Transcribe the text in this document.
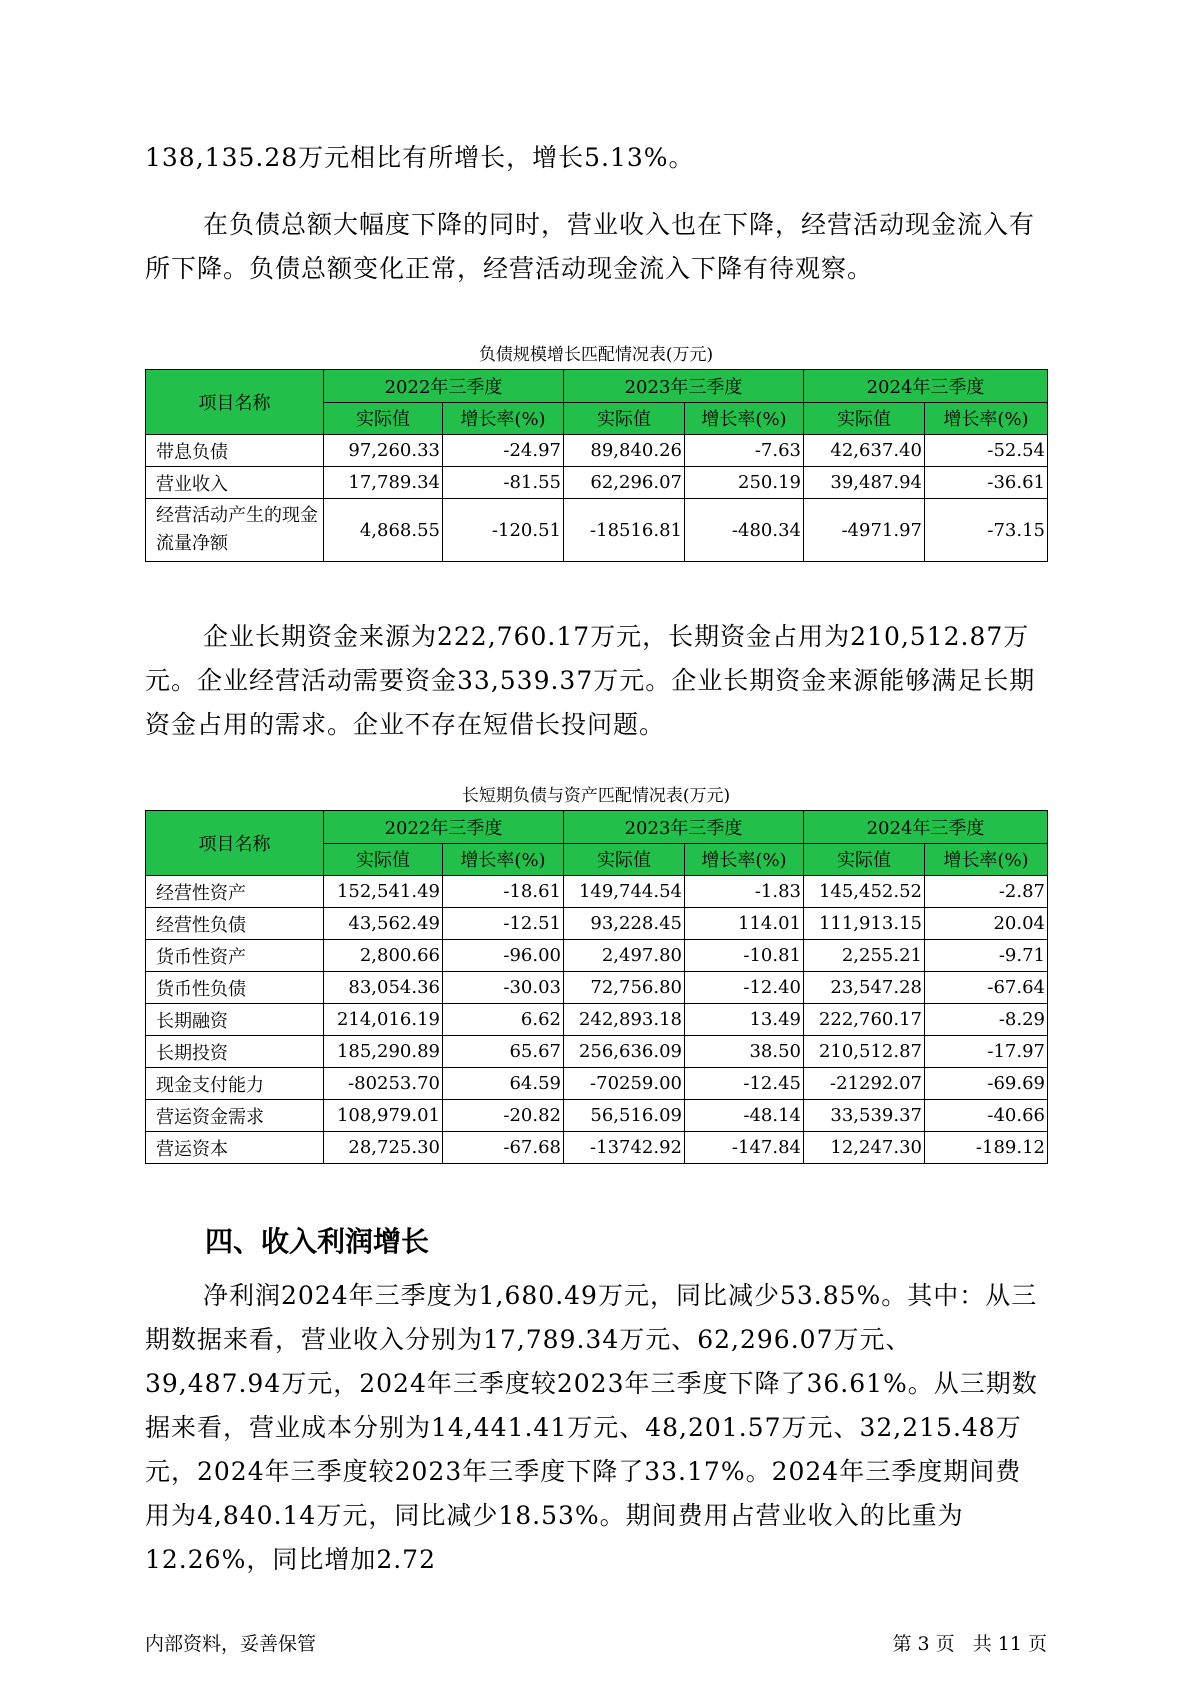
138,135.28万元相比有所增长，增长5.13%。

在负债总额大幅度下降的同时，营业收入也在下降，经营活动现金流入有所下降。负债总额变化正常，经营活动现金流入下降有待观察。

负债规模增长匹配情况表(万元)
项目名称	2022年三季度		2023年三季度		2024年三季度	
	实际值	增长率(%)	实际值	增长率(%)	实际值	增长率(%)
带息负债	97,260.33	-24.97	89,840.26	-7.63	42,637.40	-52.54
营业收入	17,789.34	-81.55	62,296.07	250.19	39,487.94	-36.61
经营活动产生的现金流量净额	4,868.55	-120.51	-18516.81	-480.34	-4971.97	-73.15

企业长期资金来源为222,760.17万元，长期资金占用为210,512.87万元。企业经营活动需要资金33,539.37万元。企业长期资金来源能够满足长期资金占用的需求。企业不存在短借长投问题。

长短期负债与资产匹配情况表(万元)
项目名称	2022年三季度		2023年三季度		2024年三季度	
	实际值	增长率(%)	实际值	增长率(%)	实际值	增长率(%)
经营性资产	152,541.49	-18.61	149,744.54	-1.83	145,452.52	-2.87
经营性负债	43,562.49	-12.51	93,228.45	114.01	111,913.15	20.04
货币性资产	2,800.66	-96.00	2,497.80	-10.81	2,255.21	-9.71
货币性负债	83,054.36	-30.03	72,756.80	-12.40	23,547.28	-67.64
长期融资	214,016.19	6.62	242,893.18	13.49	222,760.17	-8.29
长期投资	185,290.89	65.67	256,636.09	38.50	210,512.87	-17.97
现金支付能力	-80253.70	64.59	-70259.00	-12.45	-21292.07	-69.69
营运资金需求	108,979.01	-20.82	56,516.09	-48.14	33,539.37	-40.66
营运资本	28,725.30	-67.68	-13742.92	-147.84	12,247.30	-189.12
四、收入利润增长

净利润2024年三季度为1,680.49万元，同比减少53.85%。其中：从三期数据来看，营业收入分别为17,789.34万元、62,296.07万元、39,487.94万元，2024年三季度较2023年三季度下降了36.61%。从三期数据来看，营业成本分别为14,441.41万元、48,201.57万元、32,215.48万元，2024年三季度较2023年三季度下降了33.17%。2024年三季度期间费用为4,840.14万元，同比减少18.53%。期间费用占营业收入的比重为12.26%，同比增加2.72

内部资料，妥善保管	第 3 页   共 11 页
